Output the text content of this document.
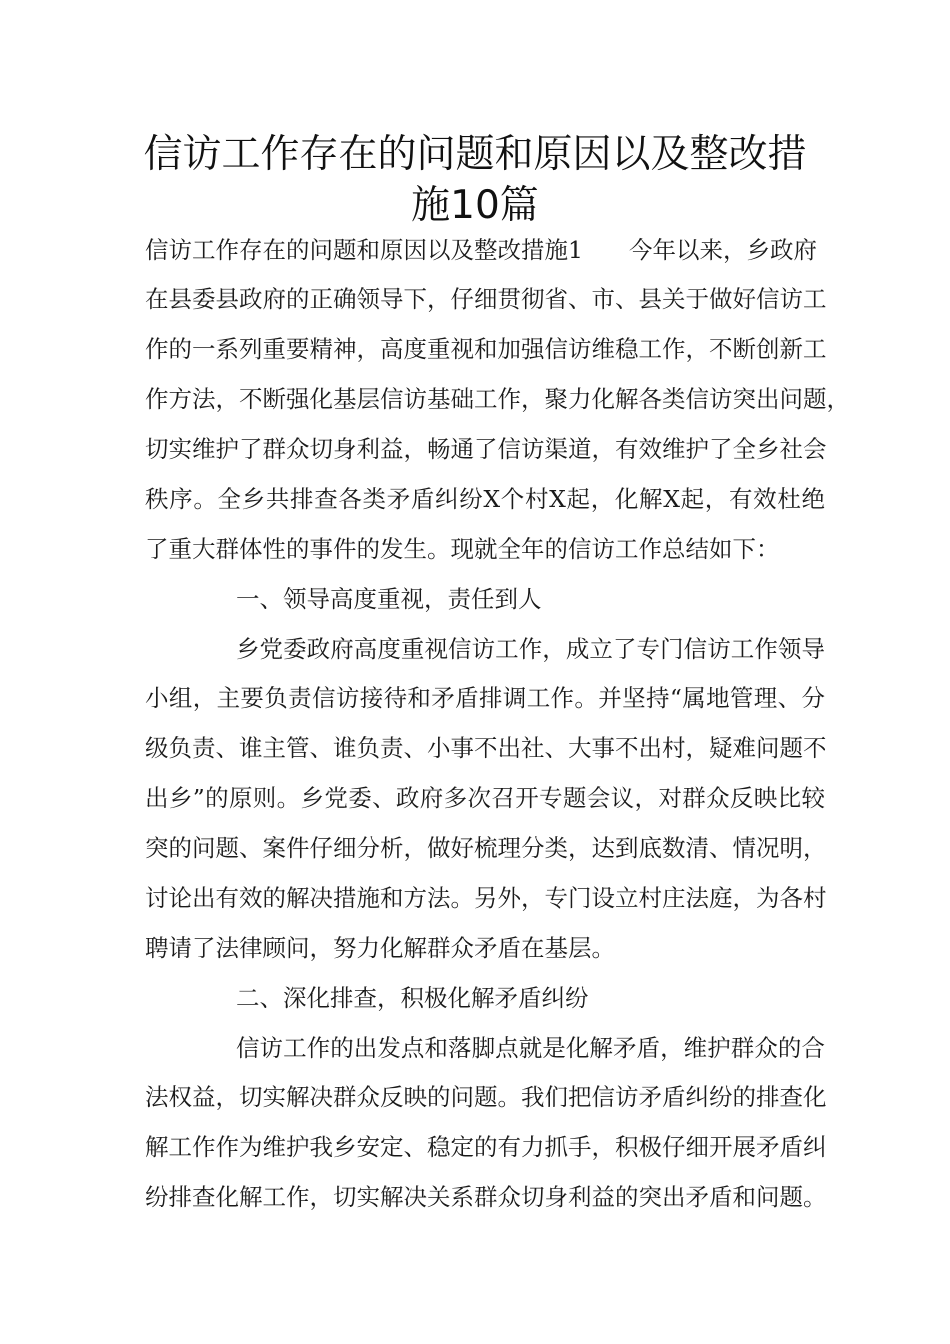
信访工作存在的问题和原因以及整改措
施10篇

信访工作存在的问题和原因以及整改措施1 今年以来，乡政府

在县委县政府的正确领导下，仔细贯彻省、市、县关于做好信访工

作的一系列重要精神，高度重视和加强信访维稳工作，不断创新工

作方法，不断强化基层信访基础工作，聚力化解各类信访突出问题，

切实维护了群众切身利益，畅通了信访渠道，有效维护了全乡社会

秩序。全乡共排查各类矛盾纠纷X个村X起，化解X起，有效杜绝

了重大群体性的事件的发生。现就全年的信访工作总结如下：

一、领导高度重视，责任到人

乡党委政府高度重视信访工作，成立了专门信访工作领导

小组，主要负责信访接待和矛盾排调工作。并坚持“属地管理、分

级负责、谁主管、谁负责、小事不出社、大事不出村，疑难问题不

出乡”的原则。乡党委、政府多次召开专题会议，对群众反映比较

突的问题、案件仔细分析，做好梳理分类，达到底数清、情况明，

讨论出有效的解决措施和方法。另外，专门设立村庄法庭，为各村

聘请了法律顾问，努力化解群众矛盾在基层。

二、深化排查，积极化解矛盾纠纷

信访工作的出发点和落脚点就是化解矛盾，维护群众的合

法权益，切实解决群众反映的问题。我们把信访矛盾纠纷的排查化

解工作作为维护我乡安定、稳定的有力抓手，积极仔细开展矛盾纠

纷排查化解工作，切实解决关系群众切身利益的突出矛盾和问题。
